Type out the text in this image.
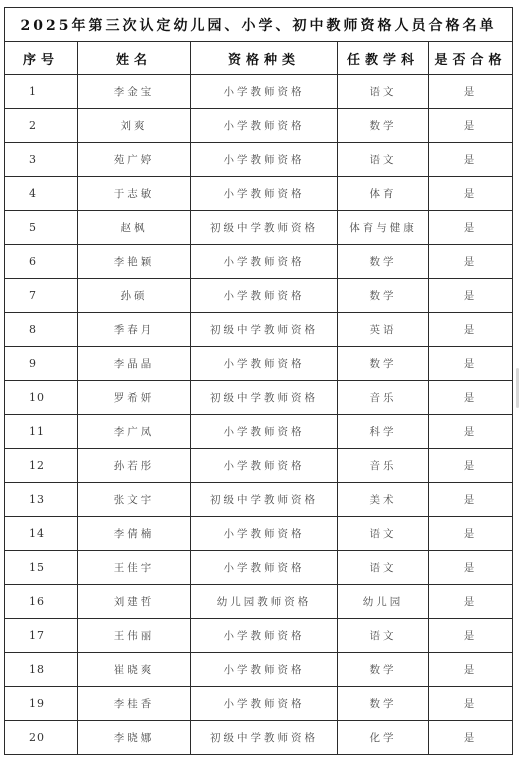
2025年第三次认定幼儿园、小学、初中教师资格人员合格名单				
序号	姓名	资格种类	任教学科	是否合格
1	李金宝	小学教师资格	语文	是
2	刘爽	小学教师资格	数学	是
3	苑广婷	小学教师资格	语文	是
4	于志敏	小学教师资格	体育	是
5	赵枫	初级中学教师资格	体育与健康	是
6	李艳颖	小学教师资格	数学	是
7	孙硕	小学教师资格	数学	是
8	季春月	初级中学教师资格	英语	是
9	李晶晶	小学教师资格	数学	是
10	罗希妍	初级中学教师资格	音乐	是
11	李广凤	小学教师资格	科学	是
12	孙若彤	小学教师资格	音乐	是
13	张文宇	初级中学教师资格	美术	是
14	李倩楠	小学教师资格	语文	是
15	王佳宇	小学教师资格	语文	是
16	刘建哲	幼儿园教师资格	幼儿园	是
17	王伟丽	小学教师资格	语文	是
18	崔晓爽	小学教师资格	数学	是
19	李桂香	小学教师资格	数学	是
20	李晓娜	初级中学教师资格	化学	是
